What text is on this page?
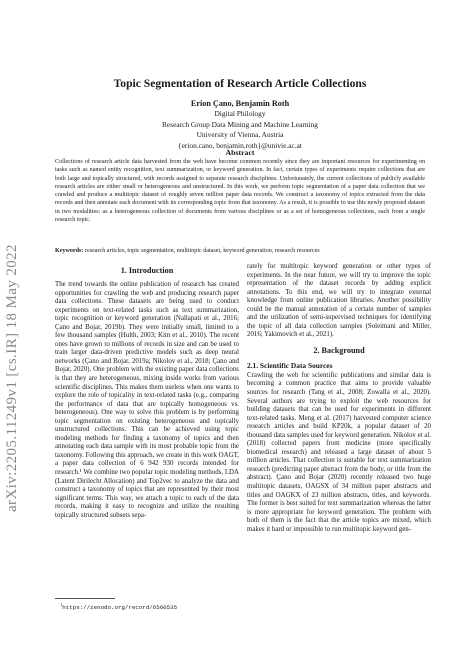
arXiv:2205.11249v1 [cs.IR] 18 May 2022
Topic Segmentation of Research Article Collections
Erion Çano, Benjamin Roth
Digital Philology
Research Group Data Mining and Machine Learning
University of Vienna, Austria
{erion.cano, benjamin.roth}@univie.ac.at
Abstract

Collections of research article data harvested from the web have become common recently since they are important resources for experimenting on tasks such as named entity recognition, text summarization, or keyword generation. In fact, certain types of experiments require collections that are both large and topically structured, with records assigned to separate research disciplines. Unfortunately, the current collections of publicly available research articles are either small or heterogeneous and unstructured. In this work, we perform topic segmentation of a paper data collection that we crawled and produce a multitopic dataset of roughly seven million paper data records. We construct a taxonomy of topics extracted from the data records and then annotate each document with its corresponding topic from that taxonomy. As a result, it is possible to use this newly proposed dataset in two modalities: as a heterogeneous collection of documents from various disciplines or as a set of homogeneous collections, each from a single research topic.

Keywords: research articles, topic segmentation, multitopic dataset, keyword generation, research resources

1. Introduction

The trend towards the online publication of research has created opportunities for crawling the web and producing research paper data collections. These datasets are being used to conduct experiments on text-related tasks such as text summarization, topic recognition or keyword generation (Nallapati et al., 2016; Çano and Bojar, 2019b). They were initially small, limited to a few thousand samples (Hulth, 2003; Kim et al., 2010). The recent ones have grown to millions of records in size and can be used to train larger data-driven predictive models such as deep neural networks (Çano and Bojar, 2019a; Nikolov et al., 2018; Çano and Bojar, 2020). One problem with the existing paper data collections is that they are heterogeneous, mixing inside works from various scientific disciplines. This makes them useless when one wants to explore the role of topicality in text-related tasks (e.g., comparing the performance of data that are topically homogeneous vs. heterogeneous). One way to solve this problem is by performing topic segmentation on existing heterogeneous and topically unstructured collections. This can be achieved using topic modeling methods for finding a taxonomy of topics and then annotating each data sample with its most probable topic from the taxonomy. Following this approach, we create in this work OAGT, a paper data collection of 6 942 930 records intended for research.¹ We combine two popular topic modeling methods, LDA (Latent Dirilecht Allocation) and Top2vec to analyze the data and construct a taxonomy of topics that are represented by their most significant terms. This way, we attach a topic to each of the data records, making it easy to recognize and utilize the resulting topically structured subsets sepa-

rately for multitopic keyword generation or other types of experiments. In the near future, we will try to improve the topic representation of the dataset records by adding explicit annotations. To this end, we will try to integrate external knowledge from online publication libraries. Another possibility could be the manual annotation of a certain number of samples and the utilization of semi-supervised techniques for identifying the topic of all data collection samples (Soleimani and Miller, 2016; Yakimovich et al., 2021).

2. Background
2.1. Scientific Data Sources

Crawling the web for scientific publications and similar data is becoming a common practice that aims to provide valuable sources for research (Tang et al., 2008; Zowalla et al., 2020). Several authors are trying to exploit the web resources for building datasets that can be used for experiments in different text-related tasks. Meng et al. (2017) harvested computer science research articles and build KP20k, a popular dataset of 20 thousand data samples used for keyword generation. Nikolov et al. (2018) collected papers from medicine (more specifically biomedical research) and released a large dataset of about 5 million articles. That collection is suitable for text summarization research (predicting paper abstract from the body, or title from the abstract). Çano and Bojar (2020) recently released two huge multitopic datasets, OAGSX of 34 million paper abstracts and titles and OAGKX of 23 million abstracts, titles, and keywords. The former is best suited for text summarization whereas the latter is more appropriate for keyword generation. The problem with both of them is the fact that the article topics are mixed, which makes it hard or impossible to run multitopic keyword gen-

$^1$https://zenodo.org/record/6560535
